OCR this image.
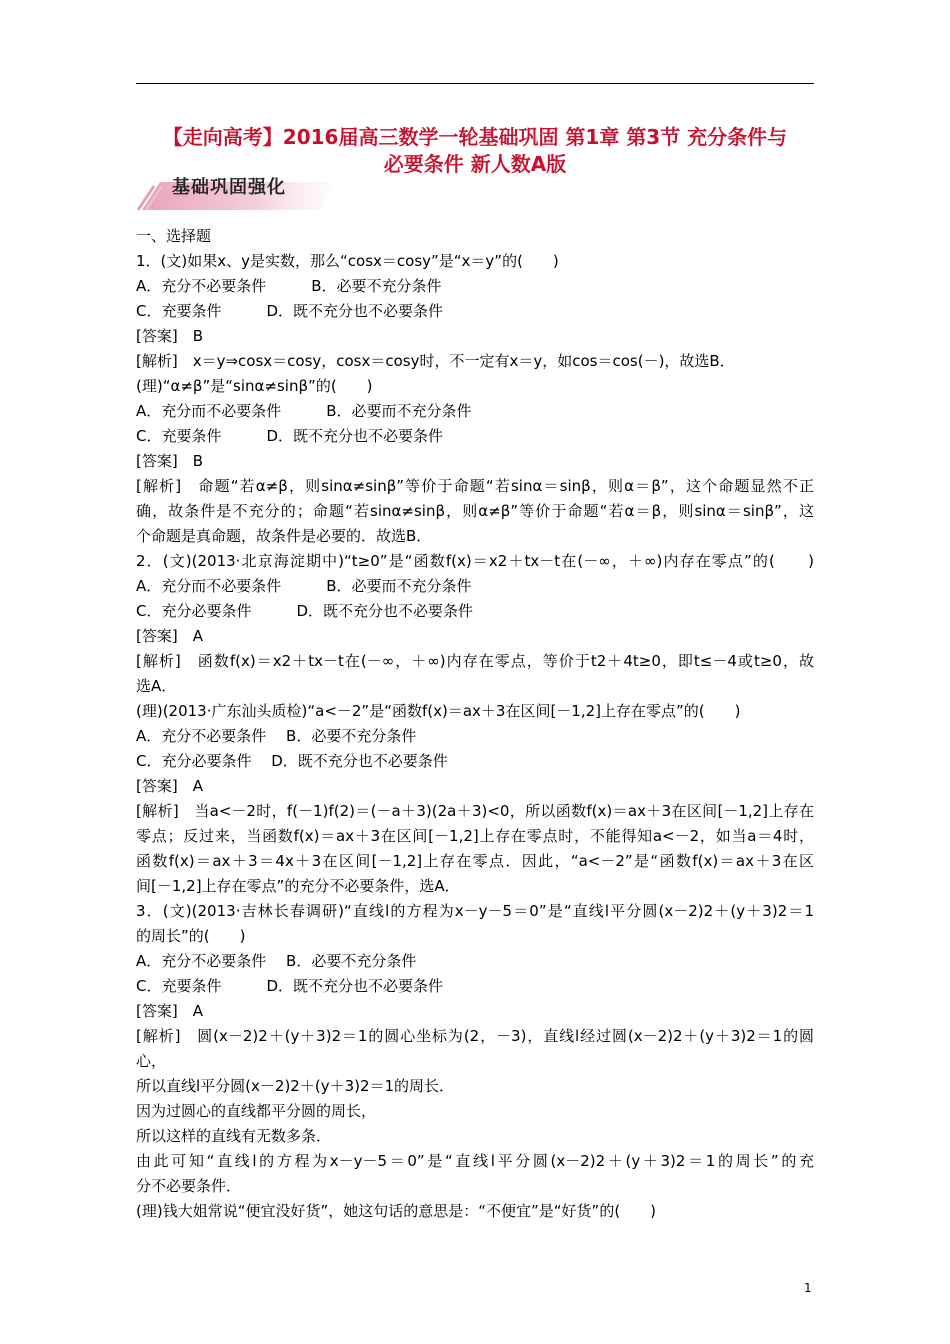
【走向高考】2016届高三数学一轮基础巩固 第1章 第3节 充分条件与
必要条件 新人数A版
基础巩固强化
一、选择题
1．(文)如果x、y是实数，那么“cosx＝cosy”是“x＝y”的(　　)
A．充分不必要条件　　　B．必要不充分条件
C．充要条件　　　D．既不充分也不必要条件
[答案]　B
[解析]　x＝y⇒cosx＝cosy，cosx＝cosy时，不一定有x＝y，如cos＝cos(－)，故选B．
(理)“α≠β”是“sinα≠sinβ”的(　　)
A．充分而不必要条件　　　B．必要而不充分条件
C．充要条件　　　D．既不充分也不必要条件
[答案]　B
[解析]　命题“若α≠β，则sinα≠sinβ”等价于命题“若sinα＝sinβ，则α＝β”，这个命题显然不正
确，故条件是不充分的；命题“若sinα≠sinβ，则α≠β”等价于命题“若α＝β，则sinα＝sinβ”，这
个命题是真命题，故条件是必要的．故选B．
2．(文)(2013·北京海淀期中)“t≥0”是“函数f(x)＝x2＋tx－t在(－∞，＋∞)内存在零点”的(　　)
A．充分而不必要条件　　　B．必要而不充分条件
C．充分必要条件　　　D．既不充分也不必要条件
[答案]　A
[解析]　函数f(x)＝x2＋tx－t在(－∞，＋∞)内存在零点，等价于t2＋4t≥0，即t≤－4或t≥0，故
选A．
(理)(2013·广东汕头质检)“a<－2”是“函数f(x)＝ax＋3在区间[－1,2]上存在零点”的(　　)
A．充分不必要条件　 B．必要不充分条件
C．充分必要条件　 D．既不充分也不必要条件
[答案]　A
[解析]　当a<－2时，f(－1)f(2)＝(－a＋3)(2a＋3)<0，所以函数f(x)＝ax＋3在区间[－1,2]上存在
零点；反过来，当函数f(x)＝ax＋3在区间[－1,2]上存在零点时，不能得知a<－2，如当a＝4时，
函数f(x)＝ax＋3＝4x＋3在区间[－1,2]上存在零点．因此，“a<－2”是“函数f(x)＝ax＋3在区
间[－1,2]上存在零点”的充分不必要条件，选A．
3．(文)(2013·吉林长春调研)“直线l的方程为x－y－5＝0”是“直线l平分圆(x－2)2＋(y＋3)2＝1
的周长”的(　　)
A．充分不必要条件　 B．必要不充分条件
C．充要条件　　　D．既不充分也不必要条件
[答案]　A
[解析]　圆(x－2)2＋(y＋3)2＝1的圆心坐标为(2，－3)，直线l经过圆(x－2)2＋(y＋3)2＝1的圆
心，
所以直线l平分圆(x－2)2＋(y＋3)2＝1的周长．
因为过圆心的直线都平分圆的周长，
所以这样的直线有无数多条．
由此可知“直线l的方程为x－y－5＝0”是“直线l平分圆(x－2)2＋(y＋3)2＝1的周长”的充
分不必要条件．
(理)钱大姐常说“便宜没好货”，她这句话的意思是：“不便宜”是“好货”的(　　)
1
